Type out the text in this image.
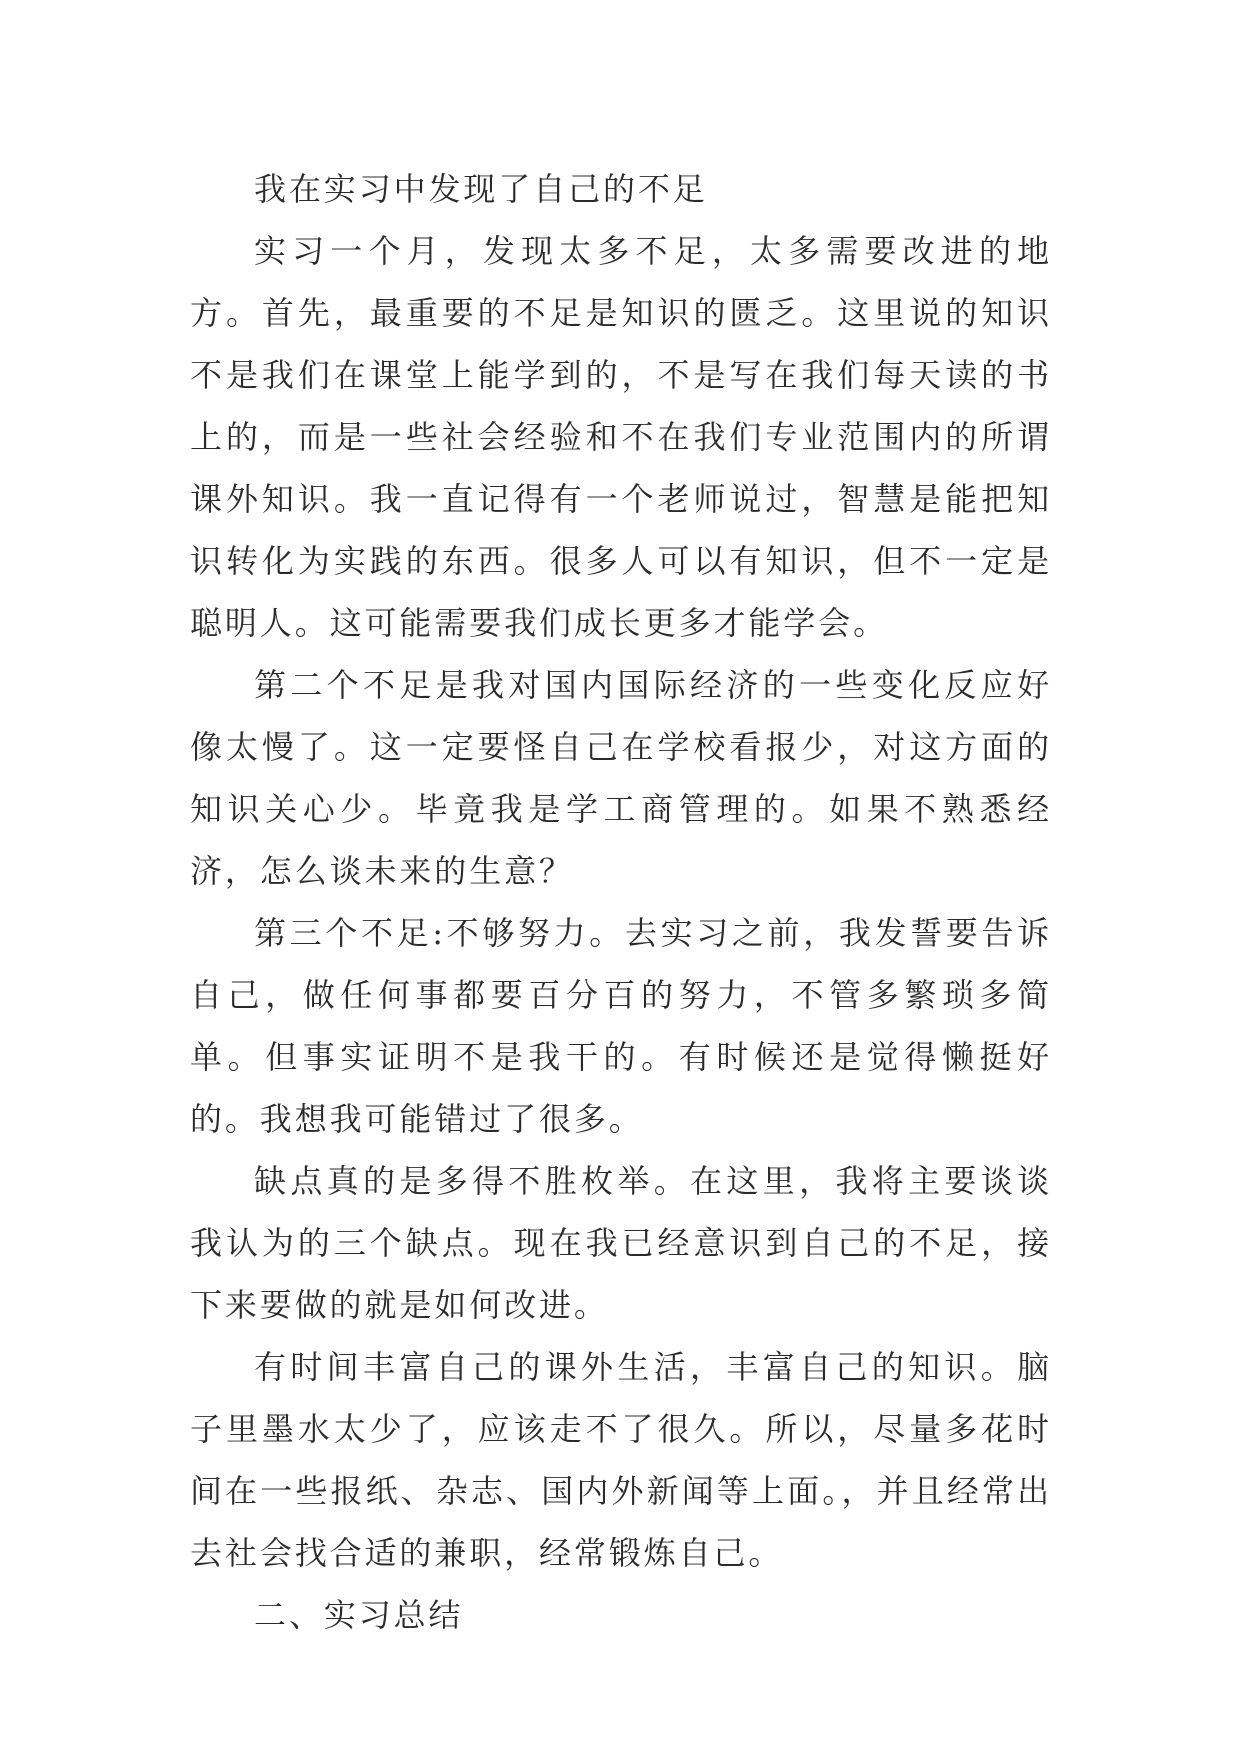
我在实习中发现了自己的不足

实习一个月，发现太多不足，太多需要改进的地方。首先，最重要的不足是知识的匮乏。这里说的知识不是我们在课堂上能学到的，不是写在我们每天读的书上的，而是一些社会经验和不在我们专业范围内的所谓课外知识。我一直记得有一个老师说过，智慧是能把知识转化为实践的东西。很多人可以有知识，但不一定是聪明人。这可能需要我们成长更多才能学会。

第二个不足是我对国内国际经济的一些变化反应好像太慢了。这一定要怪自己在学校看报少，对这方面的知识关心少。毕竟我是学工商管理的。如果不熟悉经济，怎么谈未来的生意？

第三个不足:不够努力。去实习之前，我发誓要告诉自己，做任何事都要百分百的努力，不管多繁琐多简单。但事实证明不是我干的。有时候还是觉得懒挺好的。我想我可能错过了很多。

缺点真的是多得不胜枚举。在这里，我将主要谈谈我认为的三个缺点。现在我已经意识到自己的不足，接下来要做的就是如何改进。

有时间丰富自己的课外生活，丰富自己的知识。脑子里墨水太少了，应该走不了很久。所以，尽量多花时间在一些报纸、杂志、国内外新闻等上面。，并且经常出去社会找合适的兼职，经常锻炼自己。

二、实习总结
